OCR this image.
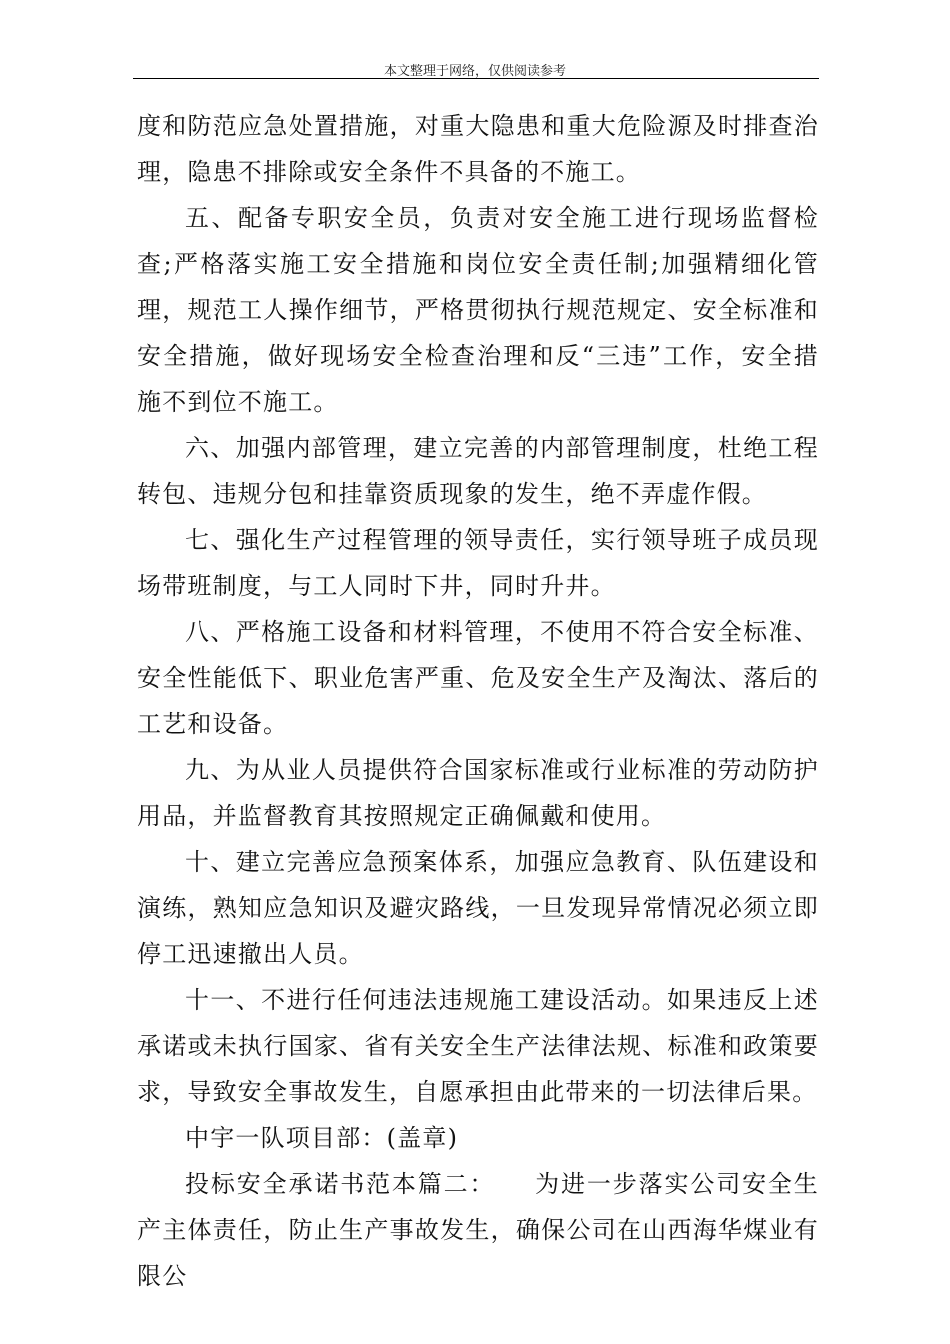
本文整理于网络，仅供阅读参考

度和防范应急处置措施，对重大隐患和重大危险源及时排查治理，隐患不排除或安全条件不具备的不施工。

五、配备专职安全员，负责对安全施工进行现场监督检查;严格落实施工安全措施和岗位安全责任制;加强精细化管理，规范工人操作细节，严格贯彻执行规范规定、安全标准和安全措施，做好现场安全检查治理和反“三违”工作，安全措施不到位不施工。

六、加强内部管理，建立完善的内部管理制度，杜绝工程转包、违规分包和挂靠资质现象的发生，绝不弄虚作假。

七、强化生产过程管理的领导责任，实行领导班子成员现场带班制度，与工人同时下井，同时升井。

八、严格施工设备和材料管理，不使用不符合安全标准、安全性能低下、职业危害严重、危及安全生产及淘汰、落后的工艺和设备。

九、为从业人员提供符合国家标准或行业标准的劳动防护用品，并监督教育其按照规定正确佩戴和使用。

十、建立完善应急预案体系，加强应急教育、队伍建设和演练，熟知应急知识及避灾路线，一旦发现异常情况必须立即停工迅速撤出人员。

十一、不进行任何违法违规施工建设活动。如果违反上述承诺或未执行国家、省有关安全生产法律法规、标准和政策要求，导致安全事故发生，自愿承担由此带来的一切法律后果。

中宇一队项目部：(盖章)

投标安全承诺书范本篇二：　　为进一步落实公司安全生产主体责任，防止生产事故发生，确保公司在山西海华煤业有限公
